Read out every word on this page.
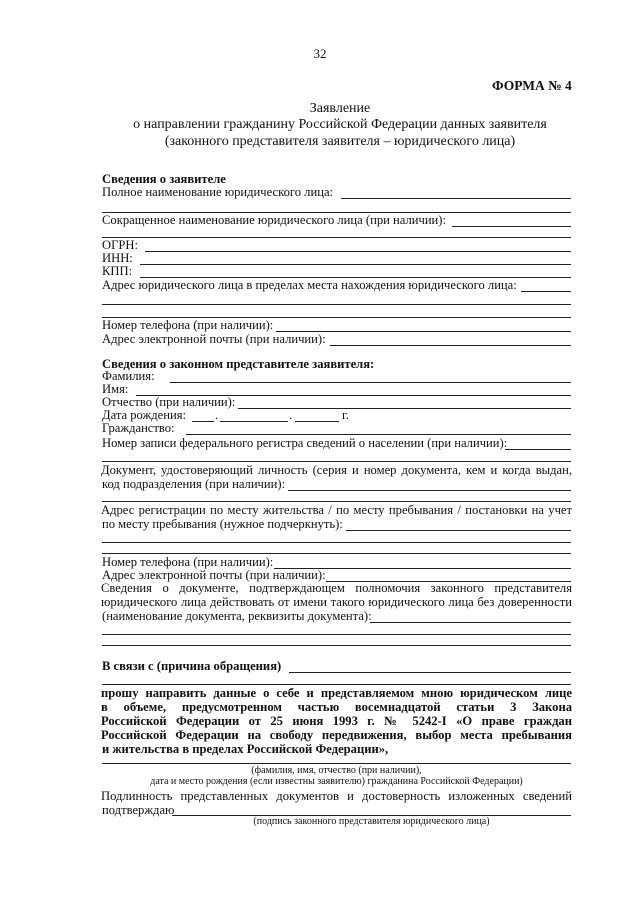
32
ФОРМА № 4
Заявление
о направлении гражданину Российской Федерации данных заявителя
(законного представителя заявителя – юридического лица)
Сведения о заявителе
Полное наименование юридического лица:
Сокращенное наименование юридического лица (при наличии):
ОГРН:
ИНН:
КПП:
Адрес юридического лица в пределах места нахождения юридического лица:
Номер телефона (при наличии):
Адрес электронной почты (при наличии):
Сведения о законном представителе заявителя:
Фамилия:
Имя:
Отчество (при наличии):
Дата рождения: .	.	г.
Гражданство:
Номер записи федерального регистра сведений о населении (при наличии):
Документ, удостоверяющий личность (серия и номер документа, кем и когда выдан,
код подразделения (при наличии):
Адрес регистрации по месту жительства / по месту пребывания / постановки на учет
по месту пребывания (нужное подчеркнуть):
Номер телефона (при наличии):
Адрес электронной почты (при наличии):
Сведения о документе, подтверждающем полномочия законного представителя
юридического лица действовать от имени такого юридического лица без доверенности
(наименование документа, реквизиты документа):
В связи с (причина обращения)
прошу направить данные о себе и представляемом мною юридическом лице
в объеме, предусмотренном частью восемнадцатой статьи 3 Закона
Российской Федерации от 25 июня 1993 г. № 5242-I «О праве граждан
Российской Федерации на свободу передвижения, выбор места пребывания
и жительства в пределах Российской Федерации»,
(фамилия, имя, отчество (при наличии),
дата и место рождения (если известны заявителю) гражданина Российской Федерации)
Подлинность представленных документов и достоверность изложенных сведений
подтверждаю
(подпись законного представителя юридического лица)
